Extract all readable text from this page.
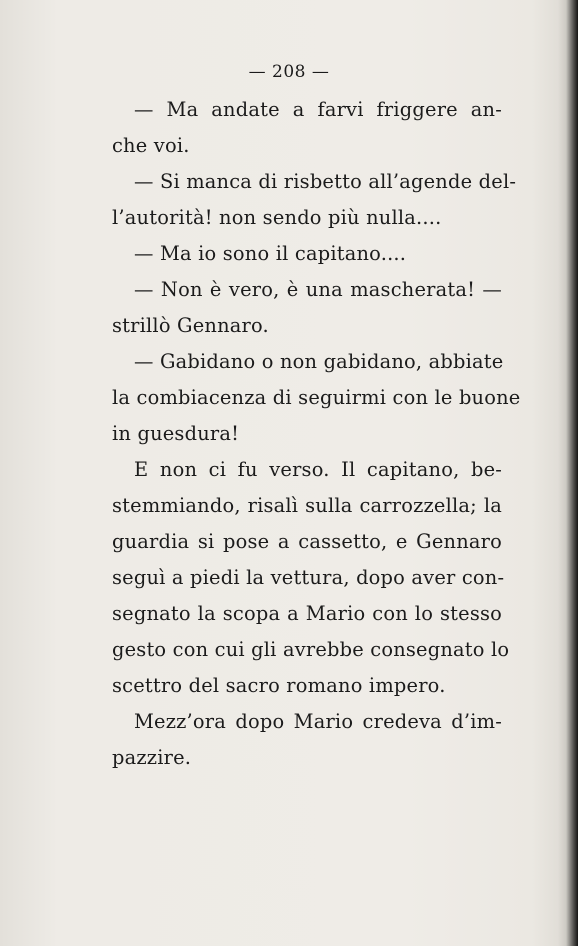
— 208 —
— Ma andate a farvi friggere an-
che voi.
— Si manca di risbetto all’agende del-
l’autorità! non sendo più nulla....
— Ma io sono il capitano....
— Non è vero, è una mascherata! —
strillò Gennaro.
— Gabidano o non gabidano, abbiate
la combiacenza di seguirmi con le buone
in guesdura!
E non ci fu verso. Il capitano, be-
stemmiando, risalì sulla carrozzella; la
guardia si pose a cassetto, e Gennaro
seguì a piedi la vettura, dopo aver con-
segnato la scopa a Mario con lo stesso
gesto con cui gli avrebbe consegnato lo
scettro del sacro romano impero.
Mezz’ora dopo Mario credeva d’im-
pazzire.
